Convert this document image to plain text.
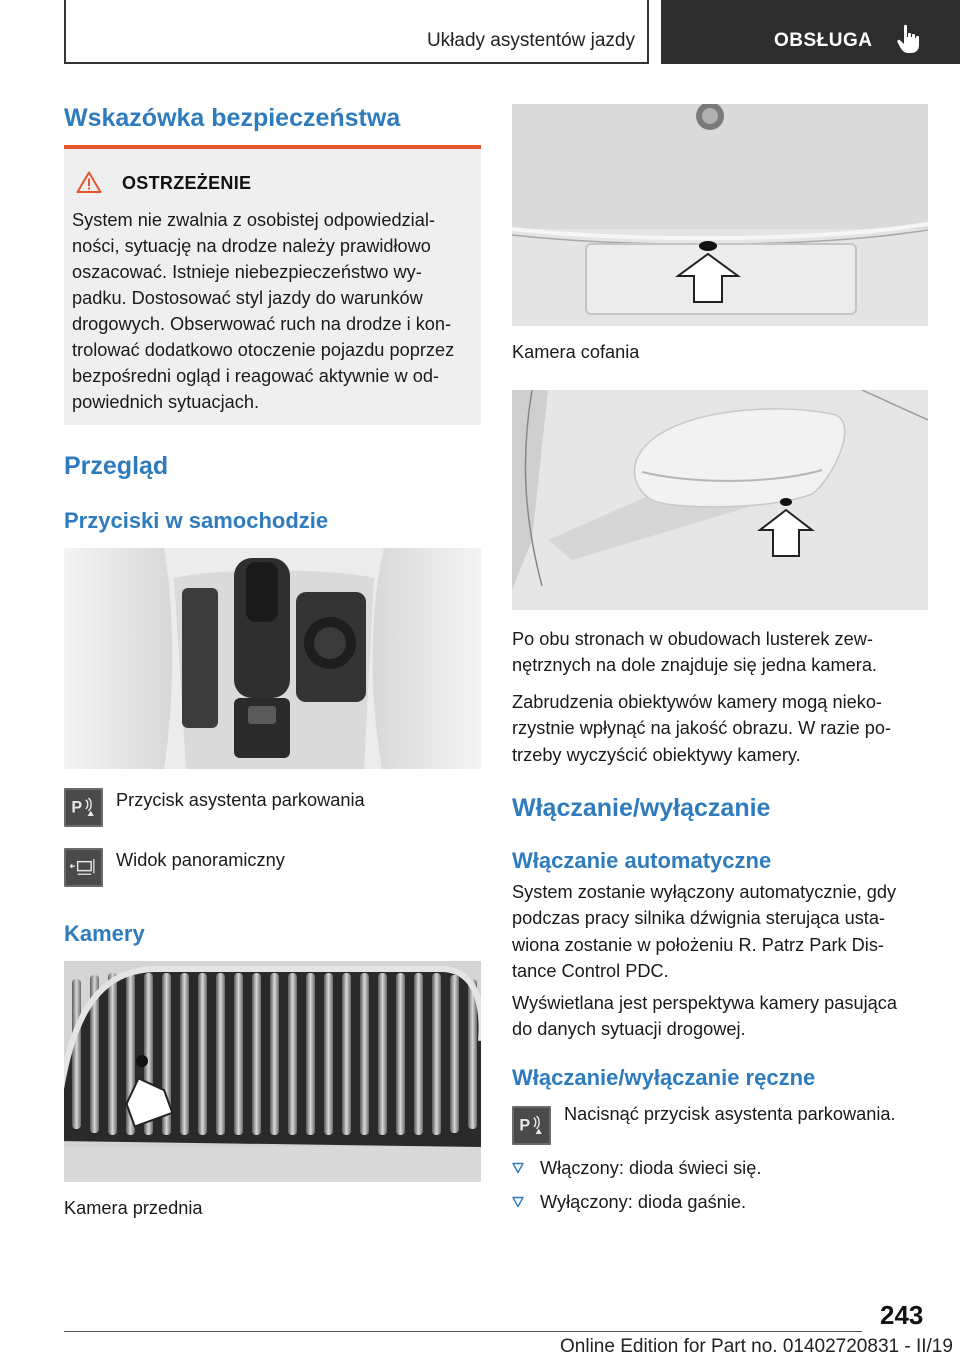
Układy asystentów jazdy	OBSŁUGA
Wskazówka bezpieczeństwa
OSTRZEŻENIE
System nie zwalnia z osobistej odpowiedzial-
ności, sytuację na drodze należy prawidłowo
oszacować. Istnieje niebezpieczeństwo wy-
padku. Dostosować styl jazdy do warunków
drogowych. Obserwować ruch na drodze i kon-
trolować dodatkowo otoczenie pojazdu poprzez
bezpośredni ogląd i reagować aktywnie w od-
powiednich sytuacjach.
Przegląd
Przyciski w samochodzie
P Przycisk asystenta parkowania
Widok panoramiczny
Kamery
Kamera przednia
Kamera cofania
Po obu stronach w obudowach lusterek zew-
nętrznych na dole znajduje się jedna kamera.
Zabrudzenia obiektywów kamery mogą nieko-
rzystnie wpłynąć na jakość obrazu. W razie po-
trzeby wyczyścić obiektywy kamery.
Włączanie/wyłączanie
Włączanie automatyczne
System zostanie wyłączony automatycznie, gdy
podczas pracy silnika dźwignia sterująca usta-
wiona zostanie w położeniu R. Patrz Park Dis-
tance Control PDC.
Wyświetlana jest perspektywa kamery pasująca
do danych sytuacji drogowej.
Włączanie/wyłączanie ręczne
P
Nacisnąć przycisk asystenta parkowania.
Włączony: dioda świeci się.
Wyłączony: dioda gaśnie.
243
Online Edition for Part no. 01402720831 - II/19
